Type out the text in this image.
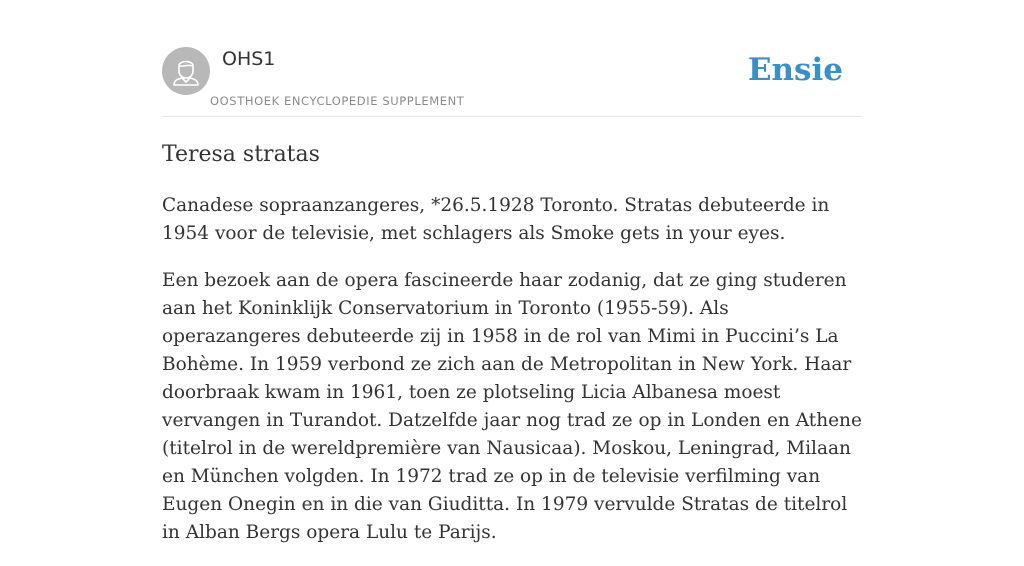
OHS1
OOSTHOEK ENCYCLOPEDIE SUPPLEMENT
Ensie
Teresa stratas

Canadese sopraanzangeres, *26.5.1928 Toronto. Stratas debuteerde in 1954 voor de televisie, met schlagers als Smoke gets in your eyes.

Een bezoek aan de opera fascineerde haar zodanig, dat ze ging studeren aan het Koninklijk Conservatorium in Toronto (1955-59). Als operazangeres debuteerde zij in 1958 in de rol van Mimi in Puccini’s La Bohème. In 1959 verbond ze zich aan de Metropolitan in New York. Haar doorbraak kwam in 1961, toen ze plotseling Licia Albanesa moest vervangen in Turandot. Datzelfde jaar nog trad ze op in Londen en Athene (titelrol in de wereldpremière van Nausicaa). Moskou, Leningrad, Milaan en München volgden. In 1972 trad ze op in de televisie verfilming van Eugen Onegin en in die van Giuditta. In 1979 vervulde Stratas de titelrol in Alban Bergs opera Lulu te Parijs.
